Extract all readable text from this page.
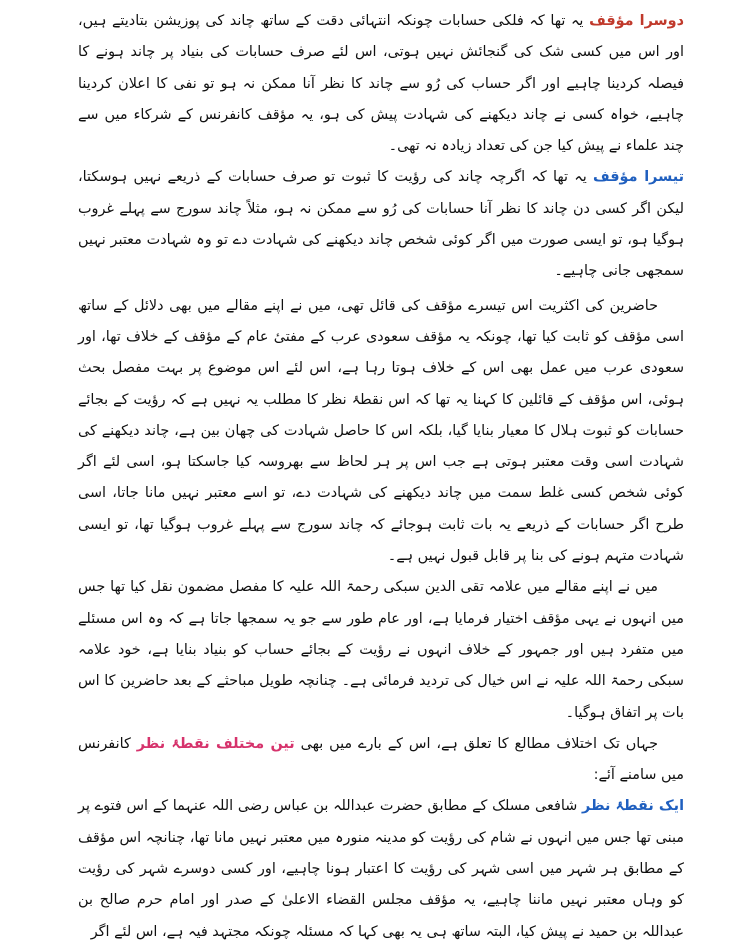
دوسرا مؤقف یہ تھا کہ فلکی حسابات چونکہ انتہائی دقت کے ساتھ چاند کی پوزیشن بتادیتے ہیں، اور اس میں کسی شک کی گنجائش نہیں ہوتی، اس لئے صرف حسابات کی بنیاد پر چاند ہونے کا فیصلہ کردینا چاہیے اور اگر حساب کی رُو سے چاند کا نظر آنا ممکن نہ ہو تو نفی کا اعلان کردینا چاہیے، خواہ کسی نے چاند دیکھنے کی شہادت پیش کی ہو، یہ مؤقف کانفرنس کے شرکاء میں سے چند علماء نے پیش کیا جن کی تعداد زیادہ نہ تھی۔

تیسرا مؤقف یہ تھا کہ اگرچہ چاند کی رؤیت کا ثبوت تو صرف حسابات کے ذریعے نہیں ہوسکتا، لیکن اگر کسی دن چاند کا نظر آنا حسابات کی رُو سے ممکن نہ ہو، مثلاً چاند سورج سے پہلے غروب ہوگیا ہو، تو ایسی صورت میں اگر کوئی شخص چاند دیکھنے کی شہادت دے تو وہ شہادت معتبر نہیں سمجھی جانی چاہیے۔

حاضرین کی اکثریت اس تیسرے مؤقف کی قائل تھی، میں نے اپنے مقالے میں بھی دلائل کے ساتھ اسی مؤقف کو ثابت کیا تھا، چونکہ یہ مؤقف سعودی عرب کے مفتیٔ عام کے مؤقف کے خلاف تھا، اور سعودی عرب میں عمل بھی اس کے خلاف ہوتا رہا ہے، اس لئے اس موضوع پر بہت مفصل بحث ہوئی، اس مؤقف کے قائلین کا کہنا یہ تھا کہ اس نقطۂ نظر کا مطلب یہ نہیں ہے کہ رؤیت کے بجائے حسابات کو ثبوت ہلال کا معیار بنایا گیا، بلکہ اس کا حاصل شہادت کی چھان بین ہے، چاند دیکھنے کی شہادت اسی وقت معتبر ہوتی ہے جب اس پر ہر لحاظ سے بھروسہ کیا جاسکتا ہو، اسی لئے اگر کوئی شخص کسی غلط سمت میں چاند دیکھنے کی شہادت دے، تو اسے معتبر نہیں مانا جاتا، اسی طرح اگر حسابات کے ذریعے یہ بات ثابت ہوجائے کہ چاند سورج سے پہلے غروب ہوگیا تھا، تو ایسی شہادت متہم ہونے کی بنا پر قابل قبول نہیں ہے۔

میں نے اپنے مقالے میں علامہ تقی الدین سبکی رحمۃ اللہ علیہ کا مفصل مضمون نقل کیا تھا جس میں انہوں نے یہی مؤقف اختیار فرمایا ہے، اور عام طور سے جو یہ سمجھا جاتا ہے کہ وہ اس مسئلے میں متفرد ہیں اور جمہور کے خلاف انہوں نے رؤیت کے بجائے حساب کو بنیاد بنایا ہے، خود علامہ سبکی رحمۃ اللہ علیہ نے اس خیال کی تردید فرمائی ہے۔ چنانچہ طویل مباحثے کے بعد حاضرین کا اس بات پر اتفاق ہوگیا۔

جہاں تک اختلاف مطالع کا تعلق ہے، اس کے بارے میں بھی تین مختلف نقطۂ نظر کانفرنس میں سامنے آئے:

ایک نقطۂ نظر شافعی مسلک کے مطابق حضرت عبداللہ بن عباس رضی اللہ عنہما کے اس فتوے پر مبنی تھا جس میں انہوں نے شام کی رؤیت کو مدینہ منورہ میں معتبر نہیں مانا تھا، چنانچہ اس مؤقف کے مطابق ہر شہر میں اسی شہر کی رؤیت کا اعتبار ہونا چاہیے، اور کسی دوسرے شہر کی رؤیت کو وہاں معتبر نہیں ماننا چاہیے، یہ مؤقف مجلس القضاء الاعلیٰ کے صدر اور امام حرم صالح بن عبداللہ بن حمید نے پیش کیا، البتہ ساتھ ہی یہ بھی کہا کہ مسئلہ چونکہ مجتہد فیہ ہے، اس لئے اگر
